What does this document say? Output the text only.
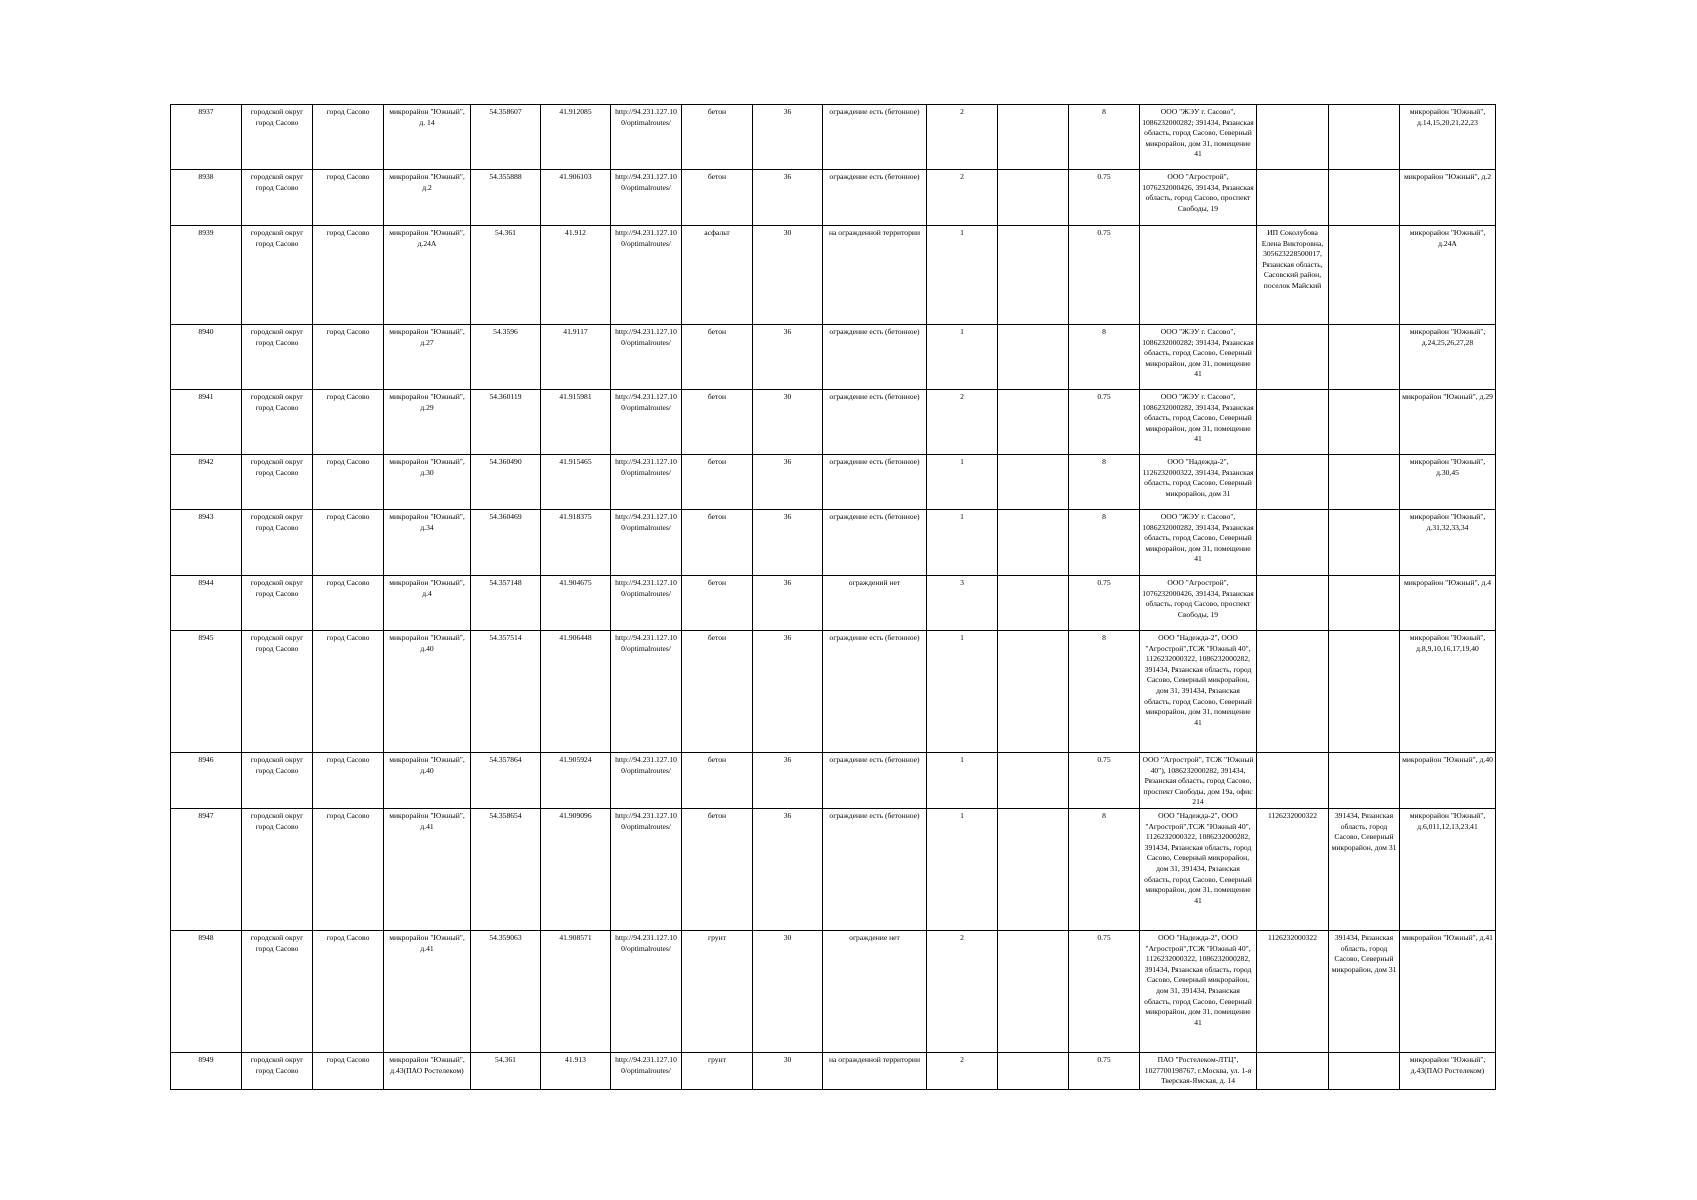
8937	городской округ город Сасово	город Сасово	микрорайон "Южный", д. 14	54.358607	41.912085	http://94.231.127.10 0/optimalroutes/	бетон	36	ограждение есть (бетонное)	2		8	ООО "ЖЭУ г. Сасово", 1086232000282; 391434, Рязанская область, город Сасово, Северный микрорайон, дом 31, помещение 41			микрорайон "Южный", д.14,15,20,21,22,23
8938	городской округ город Сасово	город Сасово	микрорайон "Южный", д.2	54.355888	41.906103	http://94.231.127.10 0/optimalroutes/	бетон	36	ограждение есть (бетонное)	2		0.75	ООО "Агрострой", 1076232000426, 391434, Рязанская область, город Сасово, проспект Свободы, 19			микрорайон "Южный", д.2
8939	городской округ город Сасово	город Сасово	микрорайон "Южный", д.24А	54.361	41.912	http://94.231.127.10 0/optimalroutes/	асфальт	30	на огражденной территории	1		0.75		ИП Соколубова Елена Викторовна, 305623228500017, Рязанская область, Сасовский район, поселок Майский		микрорайон "Южный", д.24А
8940	городской округ город Сасово	город Сасово	микрорайон "Южный", д.27	54.3596	41.9117	http://94.231.127.10 0/optimalroutes/	бетон	36	ограждение есть (бетонное)	1		8	ООО "ЖЭУ г. Сасово", 1086232000282; 391434, Рязанская область, город Сасово, Северный микрорайон, дом 31, помещение 41			микрорайон "Южный", д.24,25,26,27,28
8941	городской округ город Сасово	город Сасово	микрорайон "Южный", д.29	54.360119	41.915981	http://94.231.127.10 0/optimalroutes/	бетон	30	ограждение есть (бетонное)	2		0.75	ООО "ЖЭУ г. Сасово", 1086232000282, 391434, Рязанская область, город Сасово, Северный микрорайон, дом 31, помещение 41			микрорайон "Южный", д.29
8942	городской округ город Сасово	город Сасово	микрорайон "Южный", д.30	54.360490	41.915465	http://94.231.127.10 0/optimalroutes/	бетон	36	ограждение есть (бетонное)	1		8	ООО "Надежда-2", 1126232000322, 391434, Рязанская область, город Сасово, Северный микрорайон, дом 31			микрорайон "Южный", д.30,45
8943	городской округ город Сасово	город Сасово	микрорайон "Южный", д.34	54.360469	41.918375	http://94.231.127.10 0/optimalroutes/	бетон	36	ограждение есть (бетонное)	1		8	ООО "ЖЭУ г. Сасово", 1086232000282, 391434, Рязанская область, город Сасово, Северный микрорайон, дом 31, помещение 41			микрорайон "Южный", д.31,32,33,34
8944	городской округ город Сасово	город Сасово	микрорайон "Южный", д.4	54.357148	41.904675	http://94.231.127.10 0/optimalroutes/	бетон	36	ограждений нет	3		0.75	ООО "Агрострой", 1076232000426, 391434, Рязанская область, город Сасово, проспект Свободы, 19			микрорайон "Южный", д.4
8945	городской округ город Сасово	город Сасово	микрорайон "Южный", д.40	54.357514	41.906448	http://94.231.127.10 0/optimalroutes/	бетон	36	ограждение есть (бетонное)	1		8	ООО "Надежда-2", ООО "Агрострой",ТСЖ "Южный 40", 1126232000322, 1086232000282, 391434, Рязанская область, город Сасово, Северный микрорайон, дом 31, 391434, Рязанская область, город Сасово, Северный микрорайон, дом 31, помещение 41			микрорайон "Южный", д.8,9,10,16,17,19,40
8946	городской округ город Сасово	город Сасово	микрорайон "Южный", д.40	54.357864	41.905924	http://94.231.127.10 0/optimalroutes/	бетон	36	ограждение есть (бетонное)	1		0.75	ООО "Агрострой", ТСЖ "Южный 40"), 1086232000282, 391434, Рязанская область, город Сасово, проспект Свободы, дом 19а, офис 214			микрорайон "Южный", д.40
8947	городской округ город Сасово	город Сасово	микрорайон "Южный", д.41	54.358654	41.909096	http://94.231.127.10 0/optimalroutes/	бетон	36	ограждение есть (бетонное)	1		8	ООО "Надежда-2", ООО "Агрострой",ТСЖ "Южный 40", 1126232000322, 1086232000282, 391434, Рязанская область, город Сасово, Северный микрорайон, дом 31, 391434, Рязанская область, город Сасово, Северный микрорайон, дом 31, помещение 41	1126232000322	391434, Рязанская область, город Сасово, Северный микрорайон, дом 31	микрорайон "Южный", д.6,011,12,13,23,41
8948	городской округ город Сасово	город Сасово	микрорайон "Южный", д.41	54.359063	41.908571	http://94.231.127.10 0/optimalroutes/	грунт	30	ограждение нет	2		0.75	ООО "Надежда-2", ООО "Агрострой",ТСЖ "Южный 40", 1126232000322, 1086232000282, 391434, Рязанская область, город Сасово, Северный микрорайон, дом 31, 391434, Рязанская область, город Сасово, Северный микрорайон, дом 31, помещение 41	1126232000322	391434, Рязанская область, город Сасово, Северный микрорайон, дом 31	микрорайон "Южный", д.41
8949	городской округ город Сасово	город Сасово	микрорайон "Южный", д.43(ПАО Ростелеком)	54.361	41.913	http://94.231.127.10 0/optimalroutes/	грунт	30	на огражденной территории	2		0.75	ПАО "Ростелеком-ЛТЦ", 1027700198767, г.Москва, ул. 1-я Тверская-Ямская, д. 14			микрорайон "Южный", д.43(ПАО Ростелеком)
